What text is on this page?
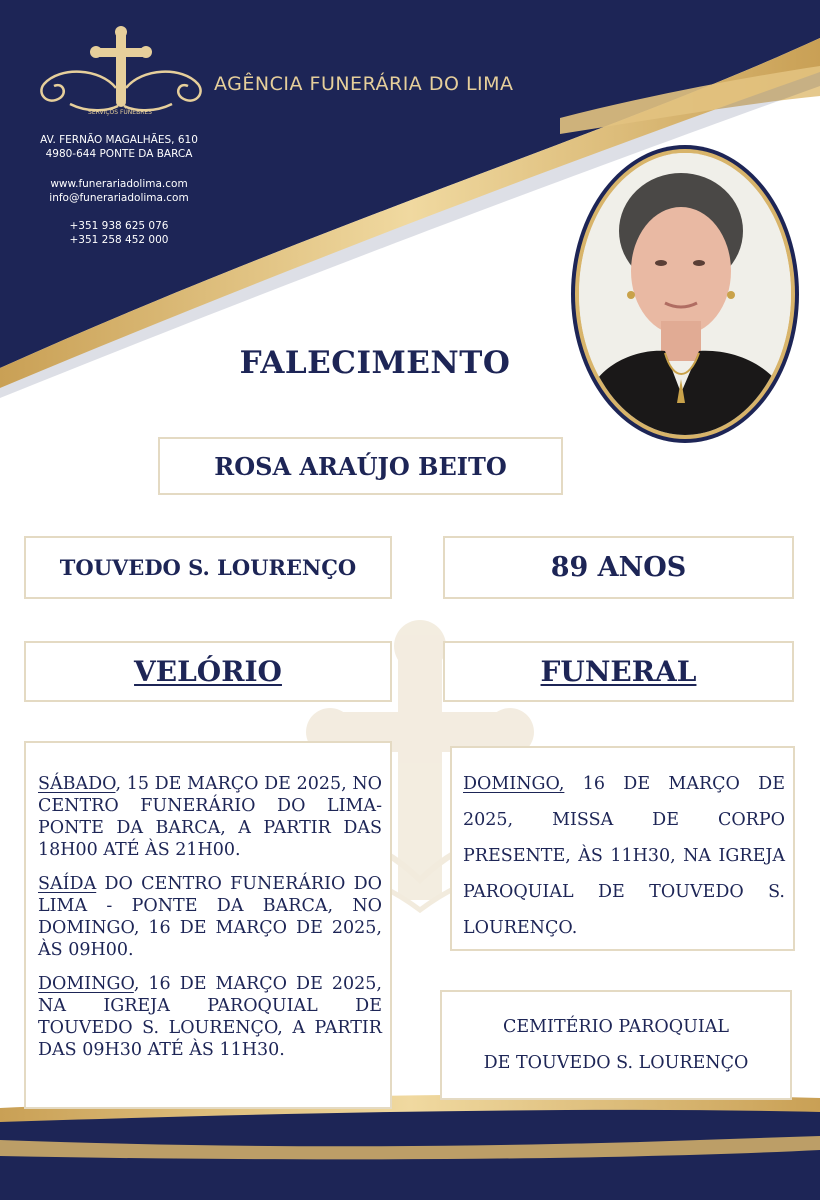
SERVIÇOS FÚNEBRES
AGÊNCIA FUNERÁRIA DO LIMA
AV. FERNÃO MAGALHÃES, 610
4980-644 PONTE DA BARCA
www.funerariadolima.com
info@funerariadolima.com
+351 938 625 076
+351 258 452 000
FALECIMENTO
ROSA ARAÚJO BEITO
TOUVEDO S. LOURENÇO	89 ANOS
VELÓRIO	FUNERAL

SÁBADO, 15 DE MARÇO DE 2025, NO CENTRO FUNERÁRIO DO LIMA- PONTE DA BARCA, A PARTIR DAS 18H00 ATÉ ÀS 21H00.

SAÍDA DO CENTRO FUNERÁRIO DO LIMA - PONTE DA BARCA, NO DOMINGO, 16 DE MARÇO DE 2025, ÀS 09H00.

DOMINGO, 16 DE MARÇO DE 2025, NA IGREJA PAROQUIAL DE TOUVEDO S. LOURENÇO, A PARTIR DAS 09H30 ATÉ ÀS 11H30.

DOMINGO, 16 DE MARÇO DE 2025, MISSA DE CORPO PRESENTE, ÀS 11H30, NA IGREJA PAROQUIAL DE TOUVEDO S. LOURENÇO.
CEMITÉRIO PAROQUIAL
DE TOUVEDO S. LOURENÇO
